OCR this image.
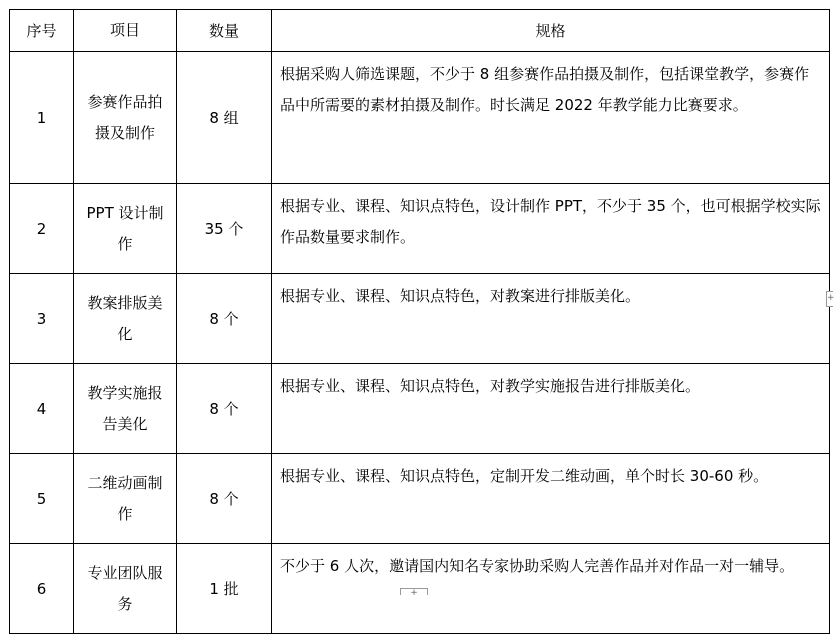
序号	项目	数量	规格
1	参赛作品拍摄及制作	8 组	根据采购人筛选课题，不少于 8 组参赛作品拍摄及制作，包括课堂教学，参赛作品中所需要的素材拍摄及制作。时长满足 2022 年教学能力比赛要求。

2	PPT 设计制作	35 个	根据专业、课程、知识点特色，设计制作 PPT，不少于 35 个，也可根据学校实际作品数量要求制作。

3	教案排版美化	8 个	根据专业、课程、知识点特色，对教案进行排版美化。

4	教学实施报告美化	8 个	根据专业、课程、知识点特色，对教学实施报告进行排版美化。

5	二维动画制作	8 个	根据专业、课程、知识点特色，定制开发二维动画，单个时长 30-60 秒。

6	专业团队服务	1 批	不少于 6 人次，邀请国内知名专家协助采购人完善作品并对作品一对一辅导。
+
+
